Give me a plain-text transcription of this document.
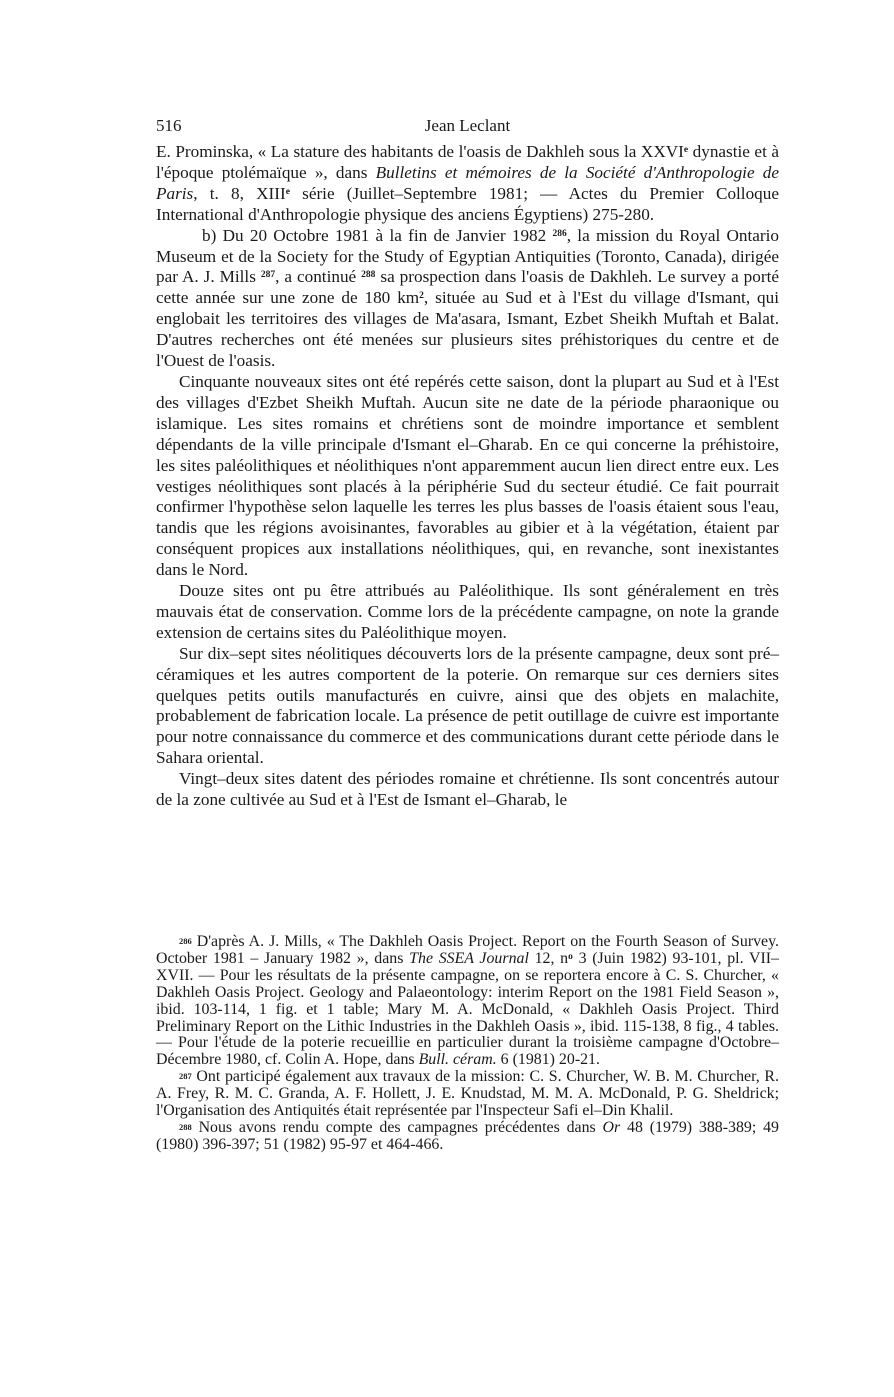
516	Jean Leclant

E. Prominska, « La stature des habitants de l'oasis de Dakhleh sous la XXVIe dynastie et à l'époque ptolémaïque », dans Bulletins et mémoires de la Société d'Anthropologie de Paris, t. 8, XIIIe série (Juillet–Septembre 1981; — Actes du Premier Colloque International d'Anthropologie physique des anciens Égyptiens) 275-280.

b) Du 20 Octobre 1981 à la fin de Janvier 1982 $^{286}$, la mission du Royal Ontario Museum et de la Society for the Study of Egyptian Antiquities (Toronto, Canada), dirigée par A. J. Mills $^{287}$, a continué $^{288}$ sa prospection dans l'oasis de Dakhleh. Le survey a porté cette année sur une zone de 180 $km^2$, située au Sud et à l'Est du village d'Ismant, qui englobait les territoires des villages de Ma'asara, Ismant, Ezbet Sheikh Muftah et Balat. D'autres recherches ont été menées sur plusieurs sites préhistoriques du centre et de l'Ouest de l'oasis.

Cinquante nouveaux sites ont été repérés cette saison, dont la plupart au Sud et à l'Est des villages d'Ezbet Sheikh Muftah. Aucun site ne date de la période pharaonique ou islamique. Les sites romains et chrétiens sont de moindre importance et semblent dépendants de la ville principale d'Ismant el–Gharab. En ce qui concerne la préhistoire, les sites paléolithiques et néolithiques n'ont apparemment aucun lien direct entre eux. Les vestiges néolithiques sont placés à la périphérie Sud du secteur étudié. Ce fait pourrait confirmer l'hypothèse selon laquelle les terres les plus basses de l'oasis étaient sous l'eau, tandis que les régions avoisinantes, favorables au gibier et à la végétation, étaient par conséquent propices aux installations néolithiques, qui, en revanche, sont inexistantes dans le Nord.

Douze sites ont pu être attribués au Paléolithique. Ils sont généralement en très mauvais état de conservation. Comme lors de la précédente campagne, on note la grande extension de certains sites du Paléolithique moyen.

Sur dix–sept sites néolitiques découverts lors de la présente campagne, deux sont pré–céramiques et les autres comportent de la poterie. On remarque sur ces derniers sites quelques petits outils manufacturés en cuivre, ainsi que des objets en malachite, probablement de fabrication locale. La présence de petit outillage de cuivre est importante pour notre connaissance du commerce et des communications durant cette période dans le Sahara oriental.

Vingt–deux sites datent des périodes romaine et chrétienne. Ils sont concentrés autour de la zone cultivée au Sud et à l'Est de Ismant el–Gharab, le

$^{286}$ D'après A. J. Mills, « The Dakhleh Oasis Project. Report on the Fourth Season of Survey. October 1981 – January 1982 », dans The SSEA Journal 12, $n^o$ 3 (Juin 1982) 93-101, pl. VII–XVII. — Pour les résultats de la présente campagne, on se reportera encore à C. S. Churcher, « Dakhleh Oasis Project. Geology and Palaeontology: interim Report on the 1981 Field Season », ibid. 103-114, 1 fig. et 1 table; Mary M. A. McDonald, « Dakhleh Oasis Project. Third Preliminary Report on the Lithic Industries in the Dakhleh Oasis », ibid. 115-138, 8 fig., 4 tables. — Pour l'étude de la poterie recueillie en particulier durant la troisième campagne d'Octobre–Décembre 1980, cf. Colin A. Hope, dans Bull. céram. 6 (1981) 20-21.

$^{287}$ Ont participé également aux travaux de la mission: C. S. Churcher, W. B. M. Churcher, R. A. Frey, R. M. C. Granda, A. F. Hollett, J. E. Knudstad, M. M. A. McDonald, P. G. Sheldrick; l'Organisation des Antiquités était représentée par l'Inspecteur Safi el–Din Khalil.

$^{288}$ Nous avons rendu compte des campagnes précédentes dans Or 48 (1979) 388-389; 49 (1980) 396-397; 51 (1982) 95-97 et 464-466.
